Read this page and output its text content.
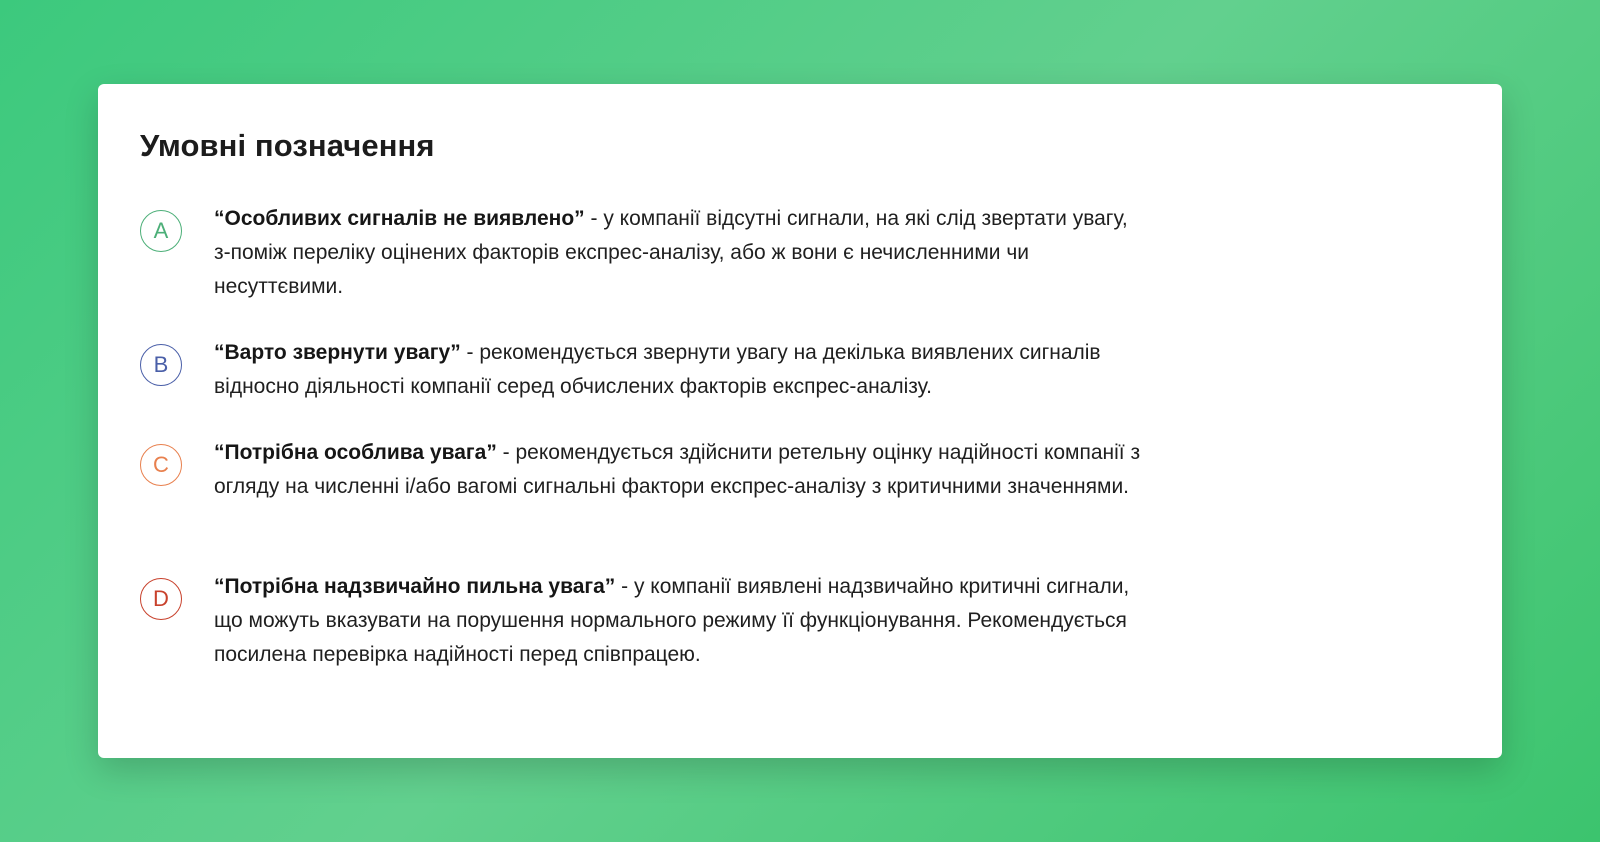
Умовні позначення
A	“Особливих сигналів не виявлено” - у компанії відсутні сигнали, на які слід звертати увагу, з-поміж переліку оцінених факторів експрес-аналізу, або ж вони є нечисленними чи несуттєвими.
B	“Варто звернути увагу” - рекомендується звернути увагу на декілька виявлених сигналів відносно діяльності компанії серед обчислених факторів експрес-аналізу.
C	“Потрібна особлива увага” - рекомендується здійснити ретельну оцінку надійності компанії з огляду на численні і/або вагомі сигнальні фактори експрес-аналізу з критичними значеннями.
D	“Потрібна надзвичайно пильна увага” - у компанії виявлені надзвичайно критичні сигнали, що можуть вказувати на порушення нормального режиму її функціонування. Рекомендується посилена перевірка надійності перед співпрацею.
